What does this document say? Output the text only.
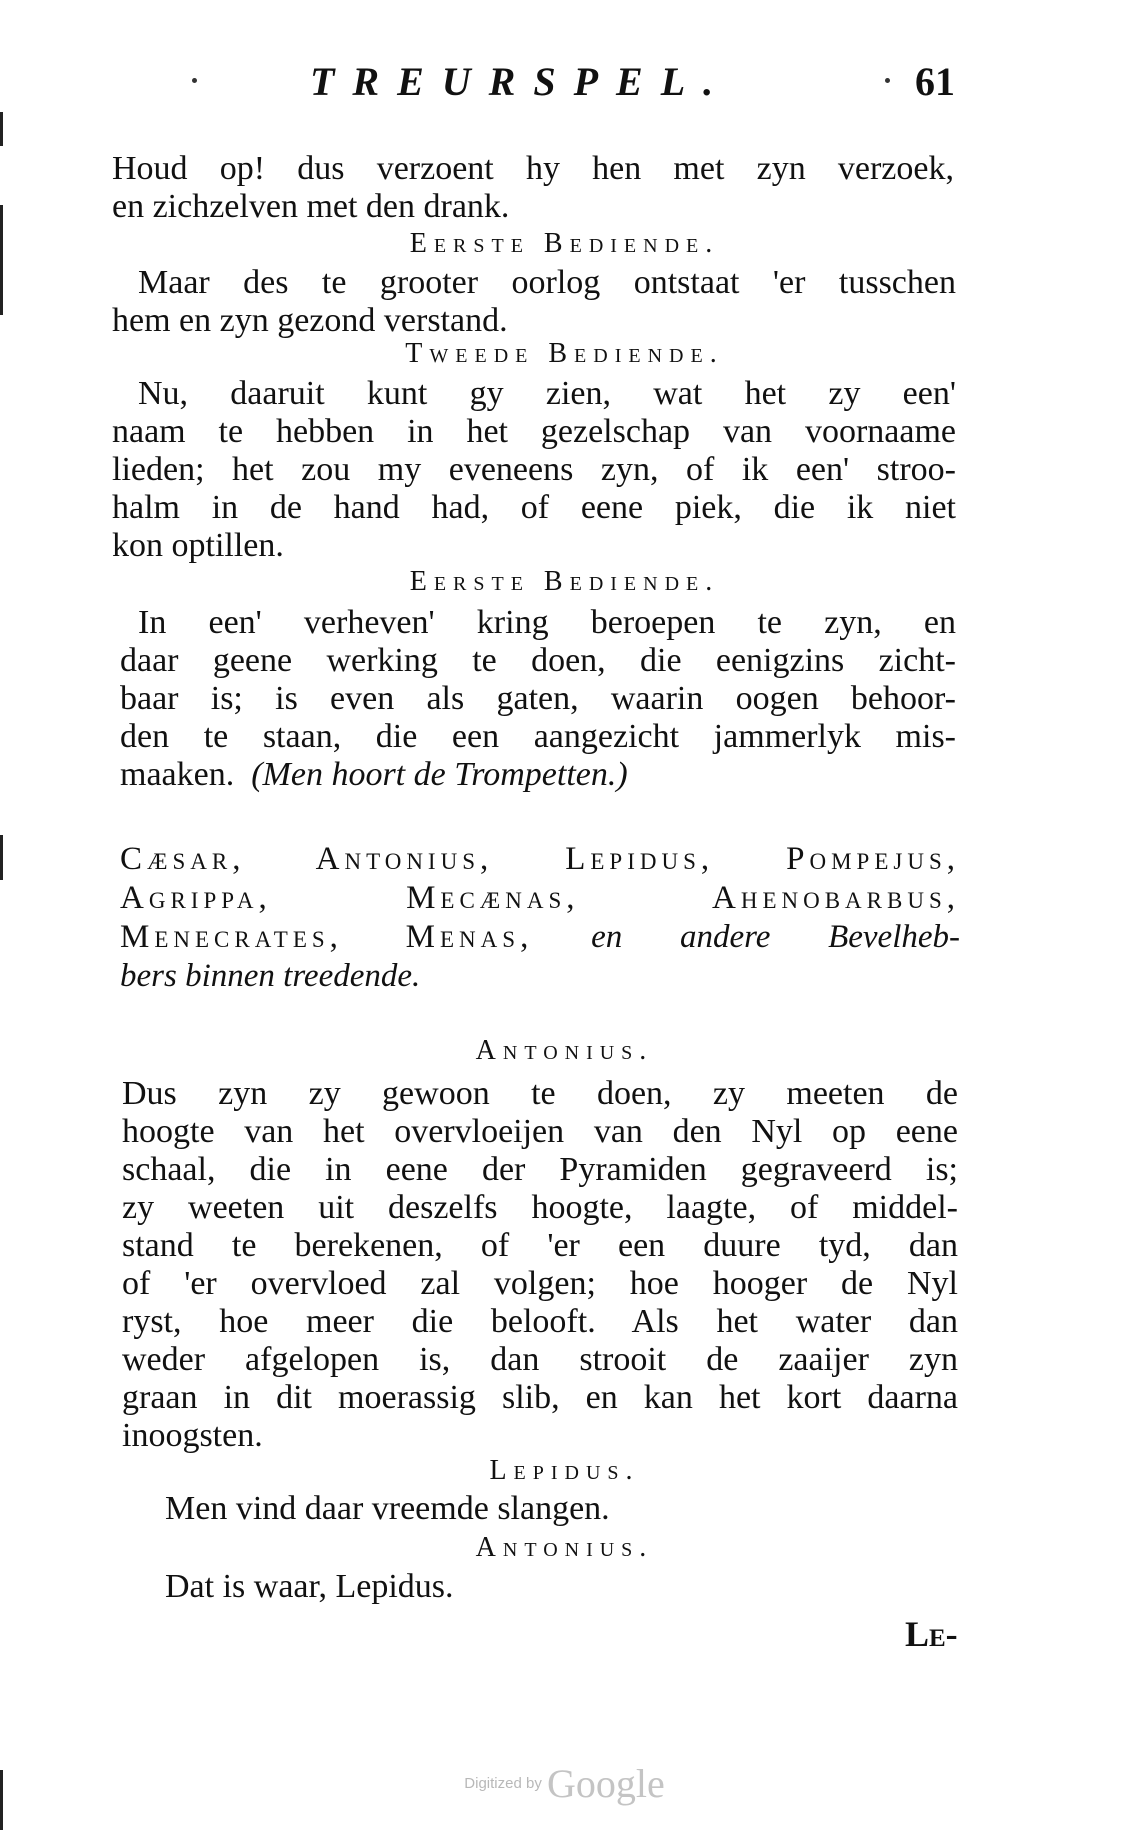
TREURSPEL.	61
Houd op! dus verzoent hy hen met zyn verzoek,
en zichzelven met den drank.
Eerste Bediende.
Maar des te grooter oorlog ontstaat 'er tusschen
hem en zyn gezond verstand.
Tweede Bediende.
Nu, daaruit kunt gy zien, wat het zy een'
naam te hebben in het gezelschap van voornaame
lieden; het zou my eveneens zyn, of ik een' stroo-
halm in de hand had, of eene piek, die ik niet
kon optillen.
Eerste Bediende.
In een' verheven' kring beroepen te zyn, en
daar geene werking te doen, die eenigzins zicht-
baar is; is even als gaten, waarin oogen behoor-
den te staan, die een aangezicht jammerlyk mis-
maaken. (Men hoort de Trompetten.)
Cæsar, Antonius, Lepidus, Pompejus,
Agrippa, Mecænas, Ahenobarbus,
Menecrates, Menas, en andere Bevelheb-
bers binnen treedende.
Antonius.
Dus zyn zy gewoon te doen, zy meeten de
hoogte van het overvloeijen van den Nyl op eene
schaal, die in eene der Pyramiden gegraveerd is;
zy weeten uit deszelfs hoogte, laagte, of middel-
stand te berekenen, of 'er een duure tyd, dan
of 'er overvloed zal volgen; hoe hooger de Nyl
ryst, hoe meer die belooft. Als het water dan
weder afgelopen is, dan strooit de zaaijer zyn
graan in dit moerassig slib, en kan het kort daarna
inoogsten.
Lepidus.
Men vind daar vreemde slangen.
Antonius.
Dat is waar, Lepidus.
Le-
Digitized by Google
